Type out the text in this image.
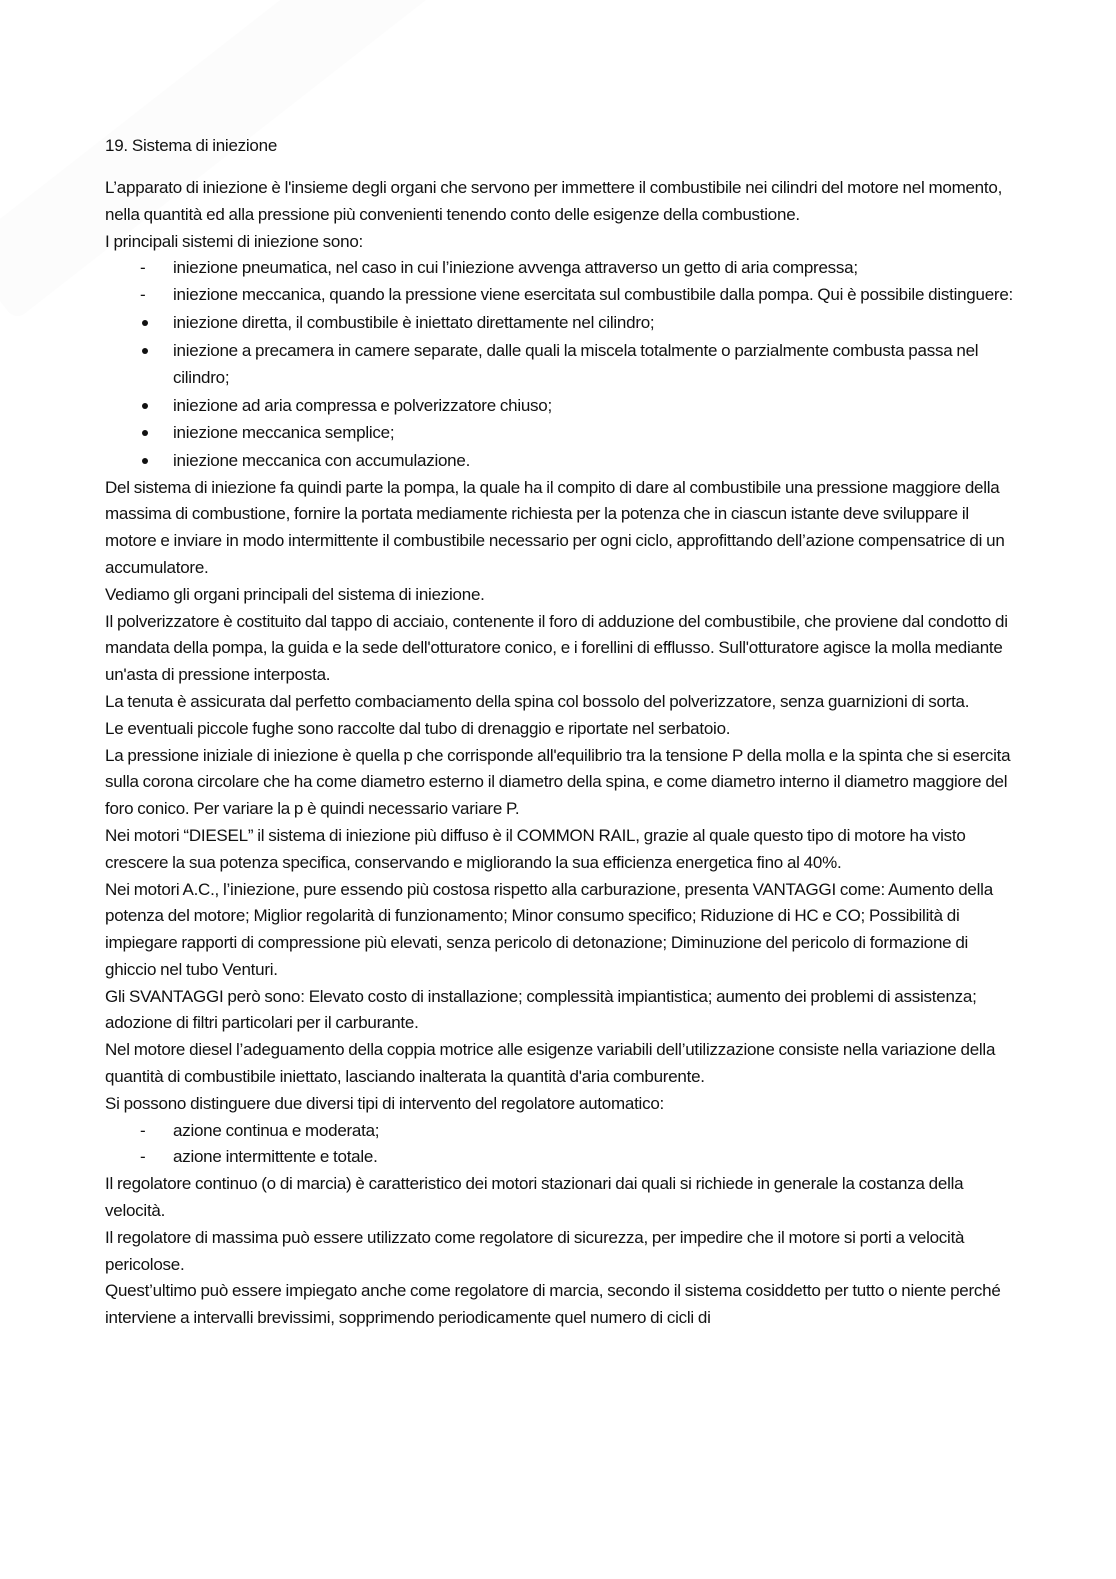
19. Sistema di iniezione

L’apparato di iniezione è l'insieme degli organi che servono per immettere il combustibile nei cilindri del motore nel momento, nella quantità ed alla pressione più convenienti tenendo conto delle esigenze della combustione.

I principali sistemi di iniezione sono:

-
iniezione pneumatica, nel caso in cui l’iniezione avvenga attraverso un getto di aria compressa;
-
iniezione meccanica, quando la pressione viene esercitata sul combustibile dalla pompa. Qui è possibile distinguere:
iniezione diretta, il combustibile è iniettato direttamente nel cilindro;
iniezione a precamera in camere separate, dalle quali la miscela totalmente o parzialmente combusta passa nel cilindro;
iniezione ad aria compressa e polverizzatore chiuso;
iniezione meccanica semplice;
iniezione meccanica con accumulazione.

Del sistema di iniezione fa quindi parte la pompa, la quale ha il compito di dare al combustibile una pressione maggiore della massima di combustione, fornire la portata mediamente richiesta per la potenza che in ciascun istante deve sviluppare il motore e inviare in modo intermittente il combustibile necessario per ogni ciclo, approfittando dell’azione compensatrice di un accumulatore.

Vediamo gli organi principali del sistema di iniezione.

Il polverizzatore è costituito dal tappo di acciaio, contenente il foro di adduzione del combustibile, che proviene dal condotto di mandata della pompa, la guida e la sede dell'otturatore conico, e i forellini di efflusso. Sull'otturatore agisce la molla mediante un'asta di pressione interposta.

La tenuta è assicurata dal perfetto combaciamento della spina col bossolo del polverizzatore, senza guarnizioni di sorta.

Le eventuali piccole fughe sono raccolte dal tubo di drenaggio e riportate nel serbatoio.

La pressione iniziale di iniezione è quella p che corrisponde all'equilibrio tra la tensione P della molla e la spinta che si esercita sulla corona circolare che ha come diametro esterno il diametro della spina, e come diametro interno il diametro maggiore del foro conico. Per variare la p è quindi necessario variare P.

Nei motori “DIESEL” il sistema di iniezione più diffuso è il COMMON RAIL, grazie al quale questo tipo di motore ha visto crescere la sua potenza specifica, conservando e migliorando la sua efficienza energetica fino al 40%.

Nei motori A.C., l’iniezione, pure essendo più costosa rispetto alla carburazione, presenta VANTAGGI come: Aumento della potenza del motore; Miglior regolarità di funzionamento; Minor consumo specifico; Riduzione di HC e CO; Possibilità di impiegare rapporti di compressione più elevati, senza pericolo di detonazione; Diminuzione del pericolo di formazione di ghiccio nel tubo Venturi.

Gli SVANTAGGI però sono: Elevato costo di installazione; complessità impiantistica; aumento dei problemi di assistenza; adozione di filtri particolari per il carburante.

Nel motore diesel l’adeguamento della coppia motrice alle esigenze variabili dell’utilizzazione consiste nella variazione della quantità di combustibile iniettato, lasciando inalterata la quantità d'aria comburente.

Si possono distinguere due diversi tipi di intervento del regolatore automatico:

-
azione continua e moderata;
-
azione intermittente e totale.

Il regolatore continuo (o di marcia) è caratteristico dei motori stazionari dai quali si richiede in generale la costanza della velocità.

Il regolatore di massima può essere utilizzato come regolatore di sicurezza, per impedire che il motore si porti a velocità pericolose.

Quest’ultimo può essere impiegato anche come regolatore di marcia, secondo il sistema cosiddetto per tutto o niente perché interviene a intervalli brevissimi, sopprimendo periodicamente quel numero di cicli di
